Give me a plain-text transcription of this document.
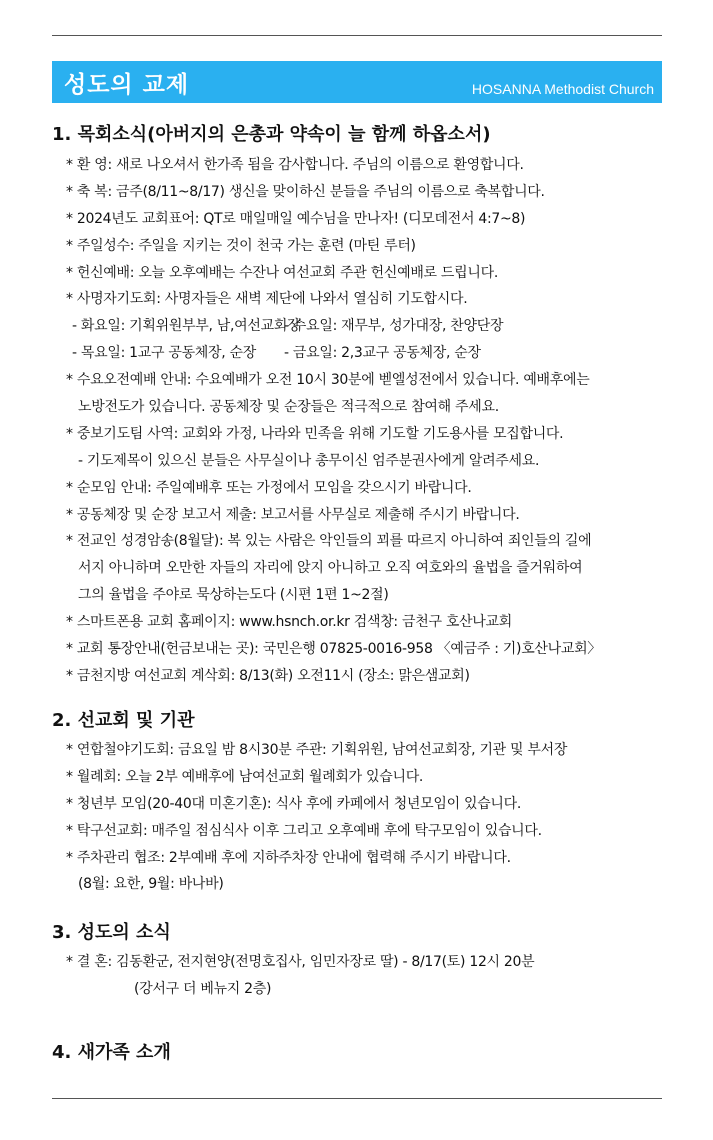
성도의 교제	HOSANNA Methodist Church
1. 목회소식(아버지의 은총과 약속이 늘 함께 하옵소서)
* 환 영: 새로 나오셔서 한가족 됨을 감사합니다. 주님의 이름으로 환영합니다.
* 축 복: 금주(8/11~8/17) 생신을 맞이하신 분들을 주님의 이름으로 축복합니다.
* 2024년도 교회표어: QT로 매일매일 예수님을 만나자! (디모데전서 4:7~8)
* 주일성수: 주일을 지키는 것이 천국 가는 훈련 (마틴 루터)
* 헌신예배: 오늘 오후예배는 수잔나 여선교회 주관 헌신예배로 드립니다.
* 사명자기도회: 사명자들은 새벽 제단에 나와서 열심히 기도합시다.
- 화요일: 기획위원부부, 남,여선교회장- 수요일: 재무부, 성가대장, 찬양단장
- 목요일: 1교구 공동체장, 순장 - 금요일: 2,3교구 공동체장, 순장
* 수요오전예배 안내: 수요예배가 오전 10시 30분에 벧엘성전에서 있습니다. 예배후에는
노방전도가 있습니다. 공동체장 및 순장들은 적극적으로 참여해 주세요.
* 중보기도팀 사역: 교회와 가정, 나라와 민족을 위해 기도할 기도용사를 모집합니다.
- 기도제목이 있으신 분들은 사무실이나 총무이신 엄주분권사에게 알려주세요.
* 순모임 안내: 주일예배후 또는 가정에서 모임을 갖으시기 바랍니다.
* 공동체장 및 순장 보고서 제출: 보고서를 사무실로 제출해 주시기 바랍니다.
* 전교인 성경암송(8월달): 복 있는 사람은 악인들의 꾀를 따르지 아니하여 죄인들의 길에
서지 아니하며 오만한 자들의 자리에 앉지 아니하고 오직 여호와의 율법을 즐거워하여
그의 율법을 주야로 묵상하는도다 (시편 1편 1~2절)
* 스마트폰용 교회 홈페이지: www.hsnch.or.kr 검색창: 금천구 호산나교회
* 교회 통장안내(헌금보내는 곳): 국민은행 07825-0016-958 〈예금주 : 기)호산나교회〉
* 금천지방 여선교회 계삭회: 8/13(화) 오전11시 (장소: 맑은샘교회)
2. 선교회 및 기관
* 연합철야기도회: 금요일 밤 8시30분 주관: 기획위원, 남여선교회장, 기관 및 부서장
* 월례회: 오늘 2부 예배후에 남여선교회 월례회가 있습니다.
* 청년부 모임(20-40대 미혼기혼): 식사 후에 카페에서 청년모임이 있습니다.
* 탁구선교회: 매주일 점심식사 이후 그리고 오후예배 후에 탁구모임이 있습니다.
* 주차관리 협조: 2부예배 후에 지하주차장 안내에 협력해 주시기 바랍니다.
(8월: 요한, 9월: 바나바)
3. 성도의 소식
* 결 혼: 김동환군, 전지현양(전명호집사, 임민자장로 딸) - 8/17(토) 12시 20분
(강서구 더 베뉴지 2층)
4. 새가족 소개
